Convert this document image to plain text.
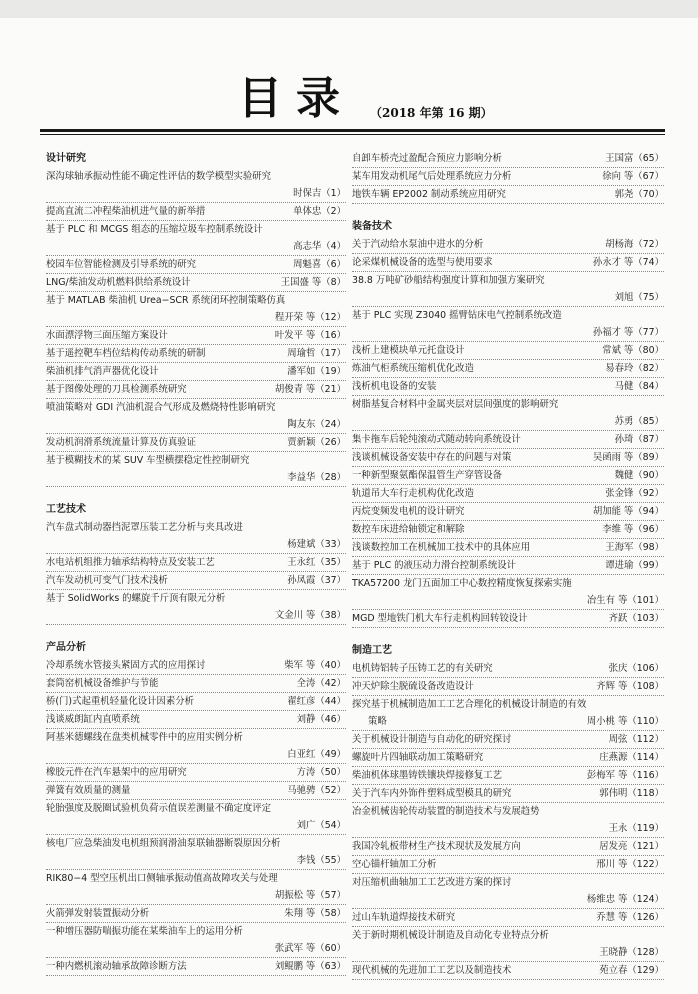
目录 （2018 年第 16 期）
设计研究
深沟球轴承振动性能不确定性评估的数学模型实验研究
时保吉（1）
提高直流二冲程柴油机进气量的新举措	单体忠（2）
基于 PLC 和 MCGS 组态的压缩垃圾车控制系统设计
高志华（4）
校园车位智能检测及引导系统的研究	周魁喜（6）
LNG/柴油发动机燃料供给系统设计	王国盛 等（8）
基于 MATLAB 柴油机 Urea−SCR 系统闭环控制策略仿真
程开荣 等（12）
水面漂浮物三面压缩方案设计	叶发平 等（16）
基于遥控靶车档位结构传动系统的研制	周瑜哲（17）
柴油机排气消声器优化设计	潘军如（19）
基于图像处理的刀具检测系统研究	胡俊青 等（21）
喷油策略对 GDI 汽油机混合气形成及燃烧特性影响研究
陶友东（24）
发动机润滑系统流量计算及仿真验证	贾新颖（26）
基于模糊技术的某 SUV 车型横摆稳定性控制研究
李益华（28）
工艺技术
汽车盘式制动器挡泥罩压装工艺分析与夹具改进
杨建斌（33）
水电站机组推力轴承结构特点及安装工艺	王永红（35）
汽车发动机可变气门技术浅析	孙凤霞（37）
基于 SolidWorks 的螺旋千斤顶有限元分析
文金川 等（38）
产品分析
冷却系统水管接头紧固方式的应用探讨	柴军 等（40）
套筒窑机械设备维护与节能	全涛（42）
桥(门)式起重机轻量化设计因素分析	翟红彦（44）
浅谈威朗缸内直喷系统	刘静（46）
阿基米德螺线在盘类机械零件中的应用实例分析
白亚红（49）
橡胶元件在汽车悬架中的应用研究	方涛（50）
弹簧有效质量的测量	马驰骋（52）
轮胎强度及脱圈试验机负荷示值误差测量不确定度评定
刘广（54）
核电厂应急柴油发电机组预润滑油泵联轴器断裂原因分析
李钱（55）
RIK80−4 型空压机出口侧轴承振动值高故障攻关与处理
胡振松 等（57）
火箭弹发射装置振动分析	朱翔 等（58）
一种增压器防喘振功能在某柴油车上的运用分析
张武军 等（60）
一种内燃机滚动轴承故障诊断方法	刘鲲鹏 等（63）
自卸车桥壳过盈配合预应力影响分析	王国富（65）
某车用发动机尾气后处理系统应力分析	徐向 等（67）
地铁车辆 EP2002 制动系统应用研究	郭尧（70）
装备技术
关于汽动给水泵油中进水的分析	胡杨海（72）
论采煤机械设备的选型与使用要求	孙永才 等（74）
38.8 万吨矿砂船结构强度计算和加强方案研究
刘旭（75）
基于 PLC 实现 Z3040 摇臂钻床电气控制系统改造
孙福才 等（77）
浅析上建模块单元托盘设计	常斌 等（80）
炼油气柜系统压缩机优化改造	易春玲（82）
浅析机电设备的安装	马健（84）
树脂基复合材料中金属夹层对层间强度的影响研究
苏勇（85）
集卡拖车后轮纯滚动式随动转向系统设计	孙琦（87）
浅谈机械设备安装中存在的问题与对策	吴函雨 等（89）
一种新型聚氨酯保温管生产穿管设备	魏健（90）
轨道吊大车行走机构优化改造	张金锋（92）
丙烷变频发电机的设计研究	胡加能 等（94）
数控车床进给轴锁定和解除	李维 等（96）
浅谈数控加工在机械加工技术中的具体应用	王海军（98）
基于 PLC 的液压动力滑台控制系统设计	谭进瑜（99）
TKA57200 龙门五面加工中心数控精度恢复探索实施
冶生有 等（101）
MGD 型地铁门机大车行走机构回转铰设计	齐跃（103）
制造工艺
电机铸铝转子压铸工艺的有关研究	张庆（106）
冲天炉除尘脱硫设备改造设计	齐辉 等（108）
探究基于机械制造加工工艺合理化的机械设计制造的有效
策略	周小桃 等（110）
关于机械设计制造与自动化的研究探讨	周弦（112）
螺旋叶片四轴联动加工策略研究	庄燕源（114）
柴油机体球墨铸铁镶块焊接修复工艺	彭梅军 等（116）
关于汽车内外饰件塑料成型模具的研究	郭伟明（118）
冶金机械齿轮传动装置的制造技术与发展趋势
王永（119）
我国冷轧板带材生产技术现状及发展方向	居发亮（121）
空心锚杆轴加工分析	邢川 等（122）
对压缩机曲轴加工工艺改进方案的探讨
杨维忠 等（124）
过山车轨道焊接技术研究	乔慧 等（126）
关于新时期机械设计制造及自动化专业特点分析
王晓静（128）
现代机械的先进加工工艺以及制造技术	苑立春（129）
